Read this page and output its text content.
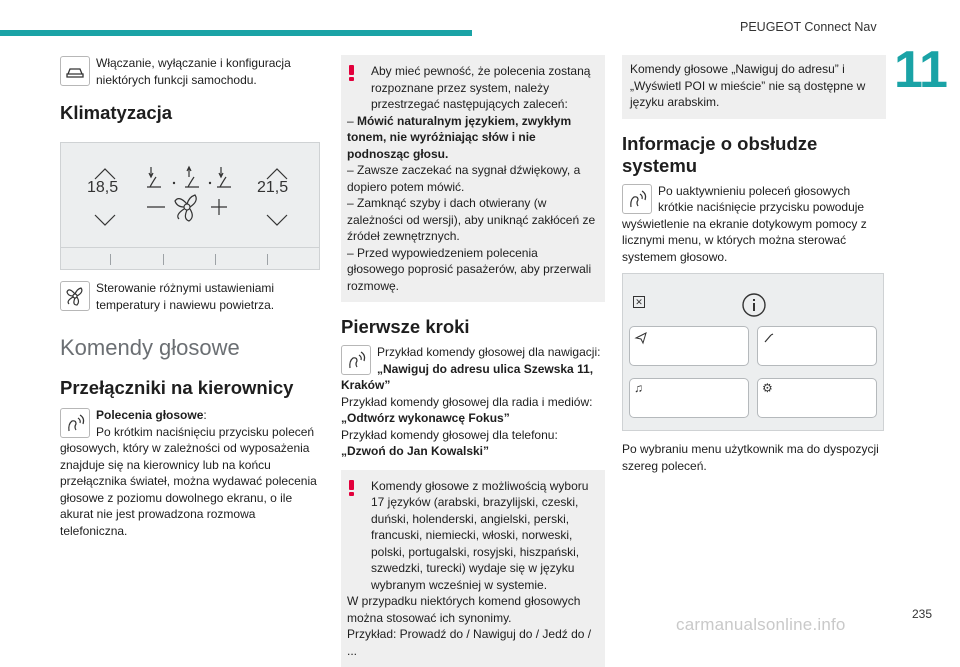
PEUGEOT Connect Nav
11
Włączanie, wyłączanie i konfiguracja niektórych funkcji samochodu.
Klimatyzacja
18,5	21,5
Sterowanie różnymi ustawieniami temperatury i nawiewu powietrza.
Komendy głosowe
Przełączniki na kierownicy
Polecenia głosowe:
Po krótkim naciśnięciu przycisku poleceń głosowych, który w zależności od wyposażenia znajduje się na kierownicy lub na końcu przełącznika świateł, można wydawać polecenia głosowe z poziomu dowolnego ekranu, o ile akurat nie jest prowadzona rozmowa telefoniczna.
Aby mieć pewność, że polecenia zostaną rozpoznane przez system, należy przestrzegać następujących zaleceń:
– Mówić naturalnym językiem, zwykłym tonem, nie wyróżniając słów i nie podnosząc głosu.
– Zawsze zaczekać na sygnał dźwiękowy, a dopiero potem mówić.
– Zamknąć szyby i dach otwierany (w zależności od wersji), aby uniknąć zakłóceń ze źródeł zewnętrznych.
– Przed wypowiedzeniem polecenia głosowego poprosić pasażerów, aby przerwali rozmowę.
Pierwsze kroki
Przykład komendy głosowej dla nawigacji:
„Nawiguj do adresu ulica Szewska 11, Kraków”
Przykład komendy głosowej dla radia i mediów:
„Odtwórz wykonawcę Fokus”
Przykład komendy głosowej dla telefonu:
„Dzwoń do Jan Kowalski”
Komendy głosowe z możliwością wyboru 17 języków (arabski, brazylijski, czeski, duński, holenderski, angielski, perski, francuski, niemiecki, włoski, norweski, polski, portugalski, rosyjski, hiszpański, szwedzki, turecki) wydaje się w języku wybranym wcześniej w systemie.
W przypadku niektórych komend głosowych można stosować ich synonimy.
Przykład: Prowadź do / Nawiguj do / Jedź do / ...
Komendy głosowe „Nawiguj do adresu” i „Wyświetl POI w mieście” nie są dostępne w języku arabskim.
Informacje o obsłudze systemu
Po uaktywnieniu poleceń głosowych krótkie naciśnięcie przycisku powoduje wyświetlenie na ekranie dotykowym pomocy z licznymi menu, w których można sterować systemem głosowo.
✕
♫	⚙
Po wybraniu menu użytkownik ma do dyspozycji szereg poleceń.
235
carmanualsonline.info
